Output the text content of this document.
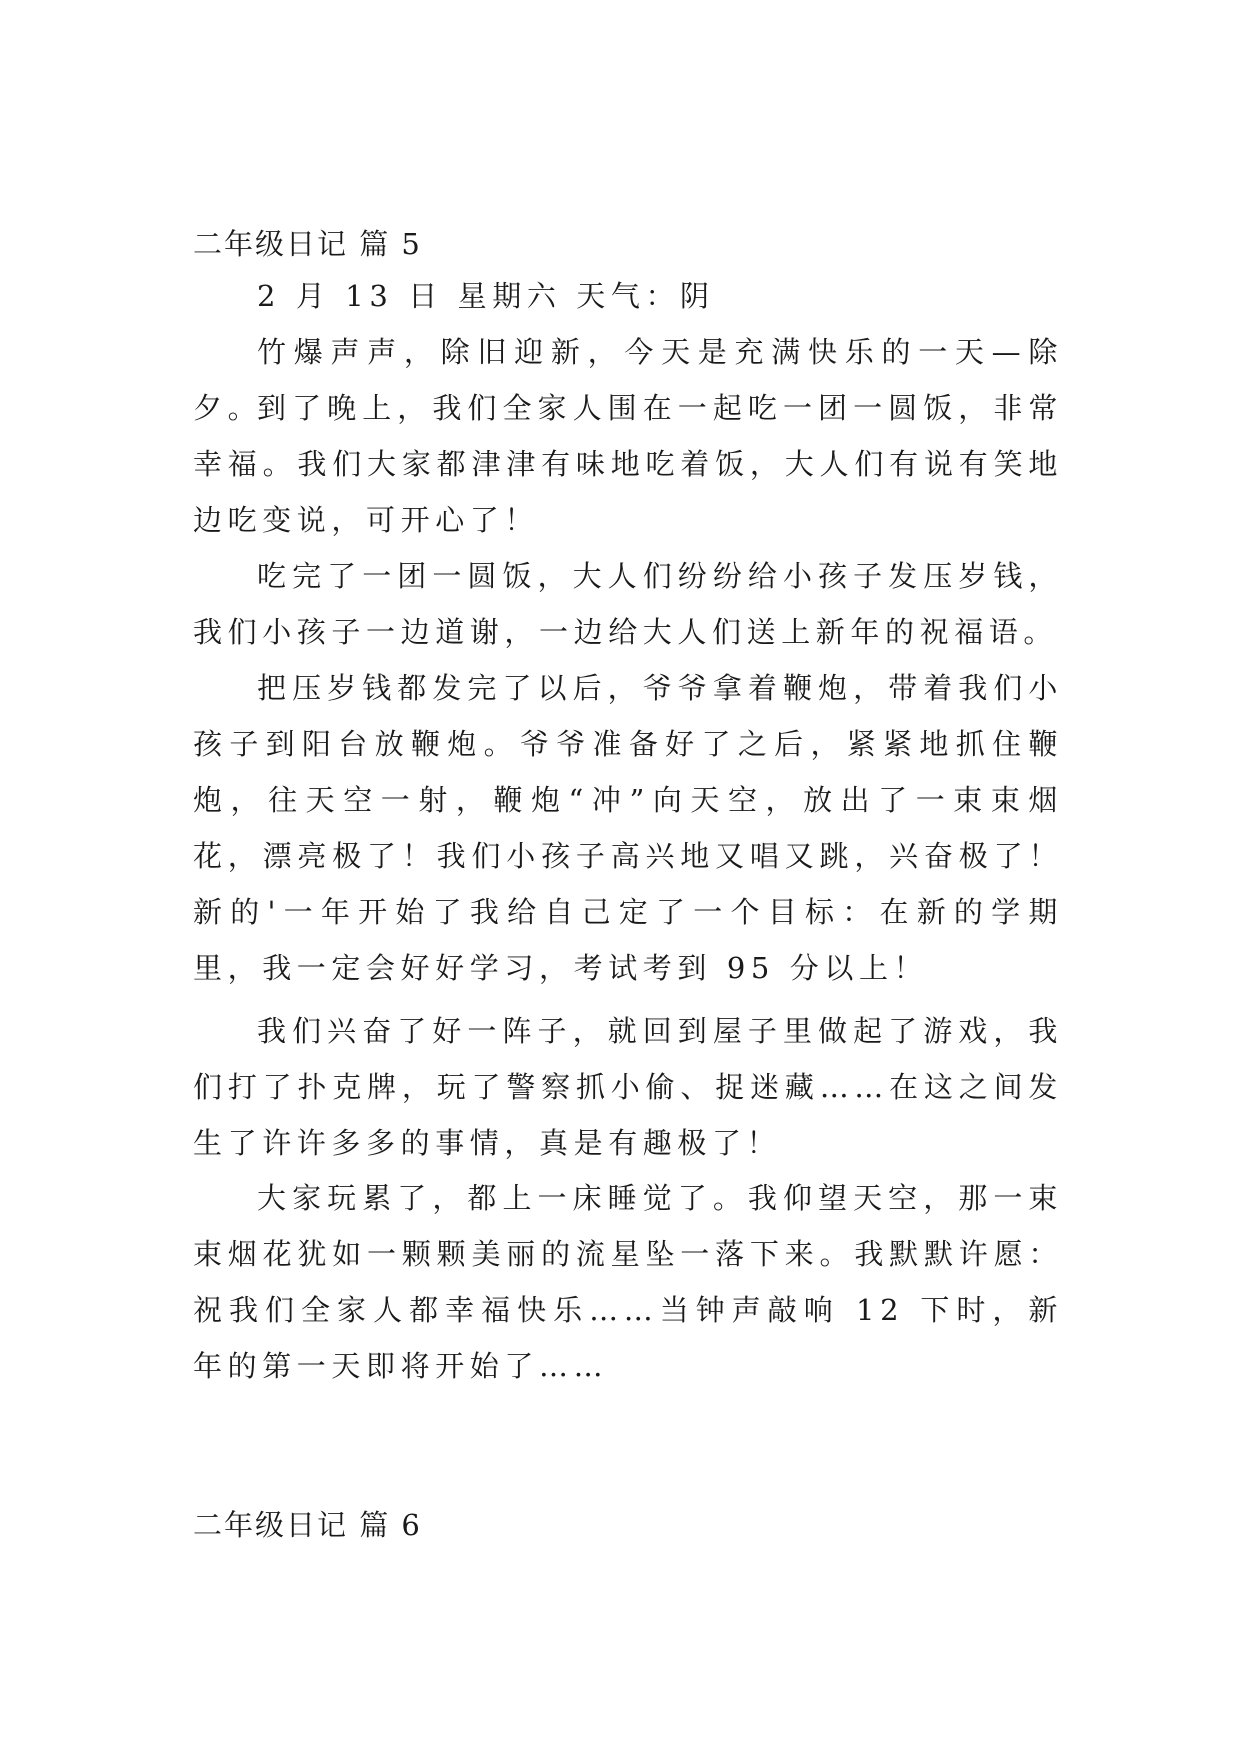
二年级日记 篇 5

2 月 13 日 星期六 天气：阴

竹爆声声，除旧迎新，今天是充满快乐的一天—除夕。

到了晚上，我们全家人围在一起吃一团一圆饭，非常幸福。我们大家都津津有味地吃着饭，大人们有说有笑地边吃变说，可开心了！

吃完了一团一圆饭，大人们纷纷给小孩子发压岁钱，我们小孩子一边道谢，一边给大人们送上新年的祝福语。

把压岁钱都发完了以后，爷爷拿着鞭炮，带着我们小孩子到阳台放鞭炮。爷爷准备好了之后，紧紧地抓住鞭炮，往天空一射，鞭炮“冲”向天空，放出了一束束烟花，漂亮极了！我们小孩子高兴地又唱又跳，兴奋极了！新的'一年开始了我给自己定了一个目标：在新的学期里，我一定会好好学习，考试考到 95 分以上！

我们兴奋了好一阵子，就回到屋子里做起了游戏，我们打了扑克牌，玩了警察抓小偷、捉迷藏……在这之间发生了许许多多的事情，真是有趣极了！

大家玩累了，都上一床睡觉了。我仰望天空，那一束束烟花犹如一颗颗美丽的流星坠一落下来。我默默许愿：祝我们全家人都幸福快乐……当钟声敲响 12 下时，新年的第一天即将开始了……

二年级日记 篇 6
